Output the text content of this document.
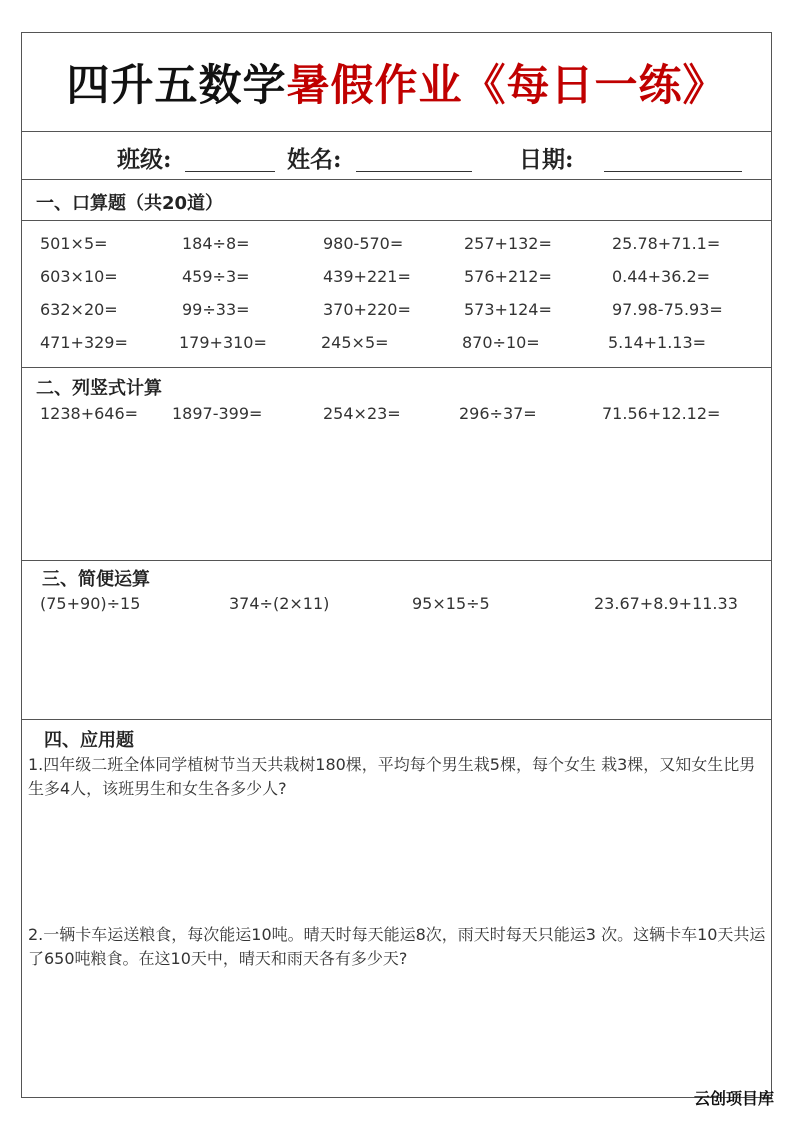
四升五数学暑假作业《每日一练》
班级:	姓名:	日期:
一、口算题（共20道）
501×5=	184÷8=	980-570=	257+132=	25.78+71.1=
603×10=	459÷3=	439+221=	576+212=	0.44+36.2=
632×20=	99÷33=	370+220=	573+124=	97.98-75.93=
471+329=	179+310=	245×5=	870÷10=	5.14+1.13=
二、列竖式计算
1238+646= 1897-399=	254×23=	296÷37=	71.56+12.12=
三、简便运算
(75+90)÷15	374÷(2×11)	95×15÷5	23.67+8.9+11.33
四、应用题
1.四年级二班全体同学植树节当天共栽树180棵，平均每个男生栽5棵，每个女生 栽3棵，又知女生比男生多4人，该班男生和女生各多少人?
2.一辆卡车运送粮食，每次能运10吨。晴天时每天能运8次，雨天时每天只能运3 次。这辆卡车10天共运了650吨粮食。在这10天中，晴天和雨天各有多少天?
云创项目库
